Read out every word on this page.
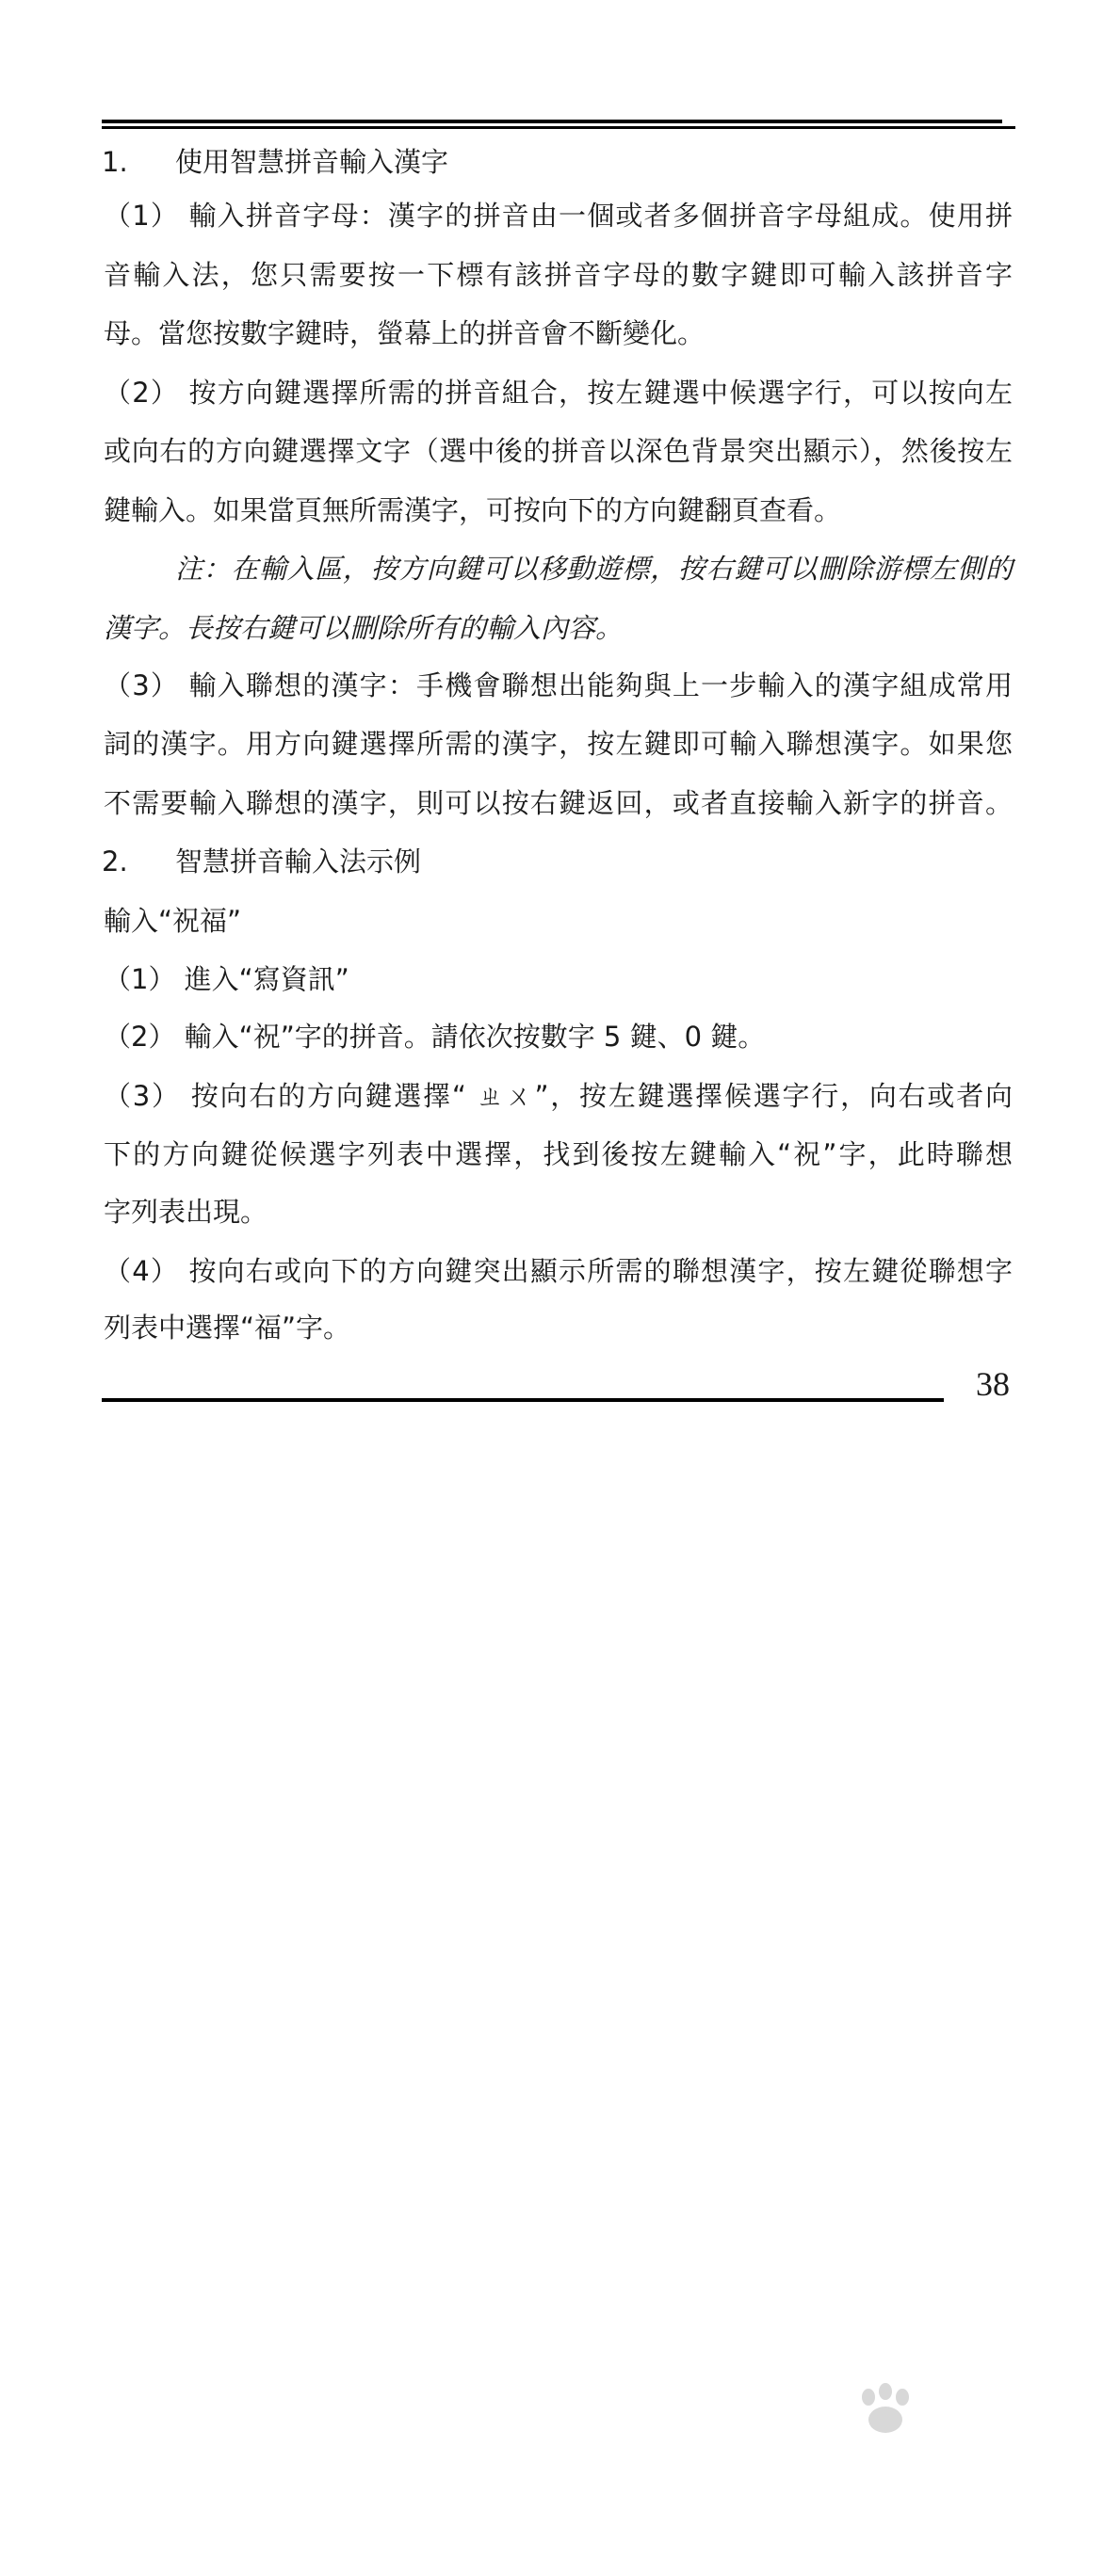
1. 使用智慧拼音輸入漢字
（1） 輸入拼音字母：漢字的拼音由一個或者多個拼音字母組成。使用拼
音輸入法，您只需要按一下標有該拼音字母的數字鍵即可輸入該拼音字
母。當您按數字鍵時，螢幕上的拼音會不斷變化。
（2） 按方向鍵選擇所需的拼音組合，按左鍵選中候選字行，可以按向左
或向右的方向鍵選擇文字（選中後的拼音以深色背景突出顯示），然後按左
鍵輸入。如果當頁無所需漢字，可按向下的方向鍵翻頁查看。
注：在輸入區，按方向鍵可以移動遊標，按右鍵可以刪除游標左側的
漢字。長按右鍵可以刪除所有的輸入內容。
（3） 輸入聯想的漢字：手機會聯想出能夠與上一步輸入的漢字組成常用
詞的漢字。用方向鍵選擇所需的漢字，按左鍵即可輸入聯想漢字。如果您
不需要輸入聯想的漢字，則可以按右鍵返回，或者直接輸入新字的拼音。
2. 智慧拼音輸入法示例
輸入“祝福”
（1） 進入“寫資訊”
（2） 輸入“祝”字的拼音。請依次按數字 5 鍵、0 鍵。
（3） 按向右的方向鍵選擇“ ㄓㄨ”，按左鍵選擇候選字行，向右或者向
下的方向鍵從候選字列表中選擇，找到後按左鍵輸入“祝”字，此時聯想
字列表出現。
（4） 按向右或向下的方向鍵突出顯示所需的聯想漢字，按左鍵從聯想字
列表中選擇“福”字。
38
